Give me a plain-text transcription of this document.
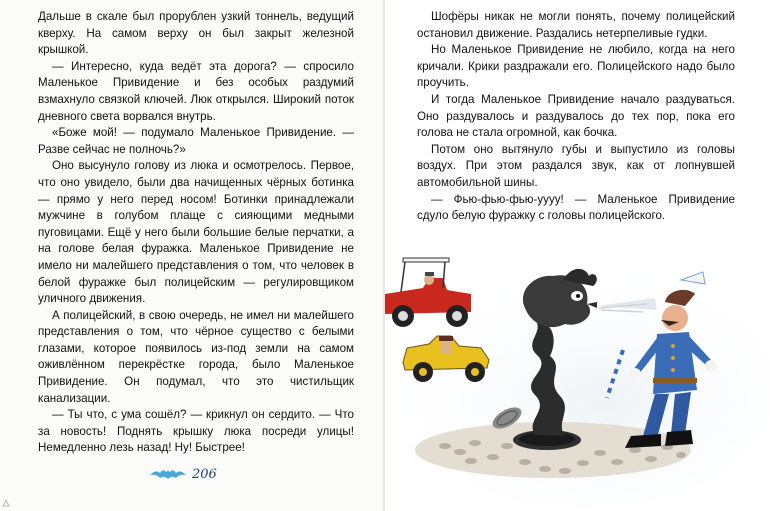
Дальше в скале был прорублен узкий тоннель, ведущий кверху. На самом верху он был закрыт железной крышкой.

— Интересно, куда ведёт эта дорога? — спросило Маленькое Привидение и без особых раздумий взмахнуло связкой ключей. Люк открылся. Широкий поток дневного света ворвался внутрь.

«Боже мой! — подумало Маленькое Привидение. — Разве сейчас не полночь?»

Оно высунуло голову из люка и осмотрелось. Первое, что оно увидело, были два начищенных чёрных ботинка — прямо у него перед носом! Ботинки принадлежали мужчине в голубом плаще с сияющими медными пуговицами. Ещё у него были большие белые перчатки, а на голове белая фуражка. Маленькое Привидение не имело ни малейшего представления о том, что человек в белой фуражке был полицейским — регулировщиком уличного движения.

А полицейский, в свою очередь, не имел ни малейшего представления о том, что чёрное существо с белыми глазами, которое появилось из-под земли на самом оживлённом перекрёстке города, было Маленькое Привидение. Он подумал, что это чистильщик канализации.

— Ты что, с ума сошёл? — крикнул он сердито. — Что за новость! Поднять крышку люка посреди улицы! Немедленно лезь назад! Ну! Быстрее!

206

Шофёры никак не могли понять, почему полицейский остановил движение. Раздались нетерпеливые гудки.

Но Маленькое Привидение не любило, когда на него кричали. Крики раздражали его. Полицейского надо было проучить.

И тогда Маленькое Привидение начало раздуваться. Оно раздувалось и раздувалось до тех пор, пока его голова не стала огромной, как бочка.

Потом оно вытянуло губы и выпустило из головы воздух. При этом раздался звук, как от лопнувшей автомобильной шины.

— Фью-фью-фью-уууу! — Маленькое Привидение сдуло белую фуражку с головы полицейского.
